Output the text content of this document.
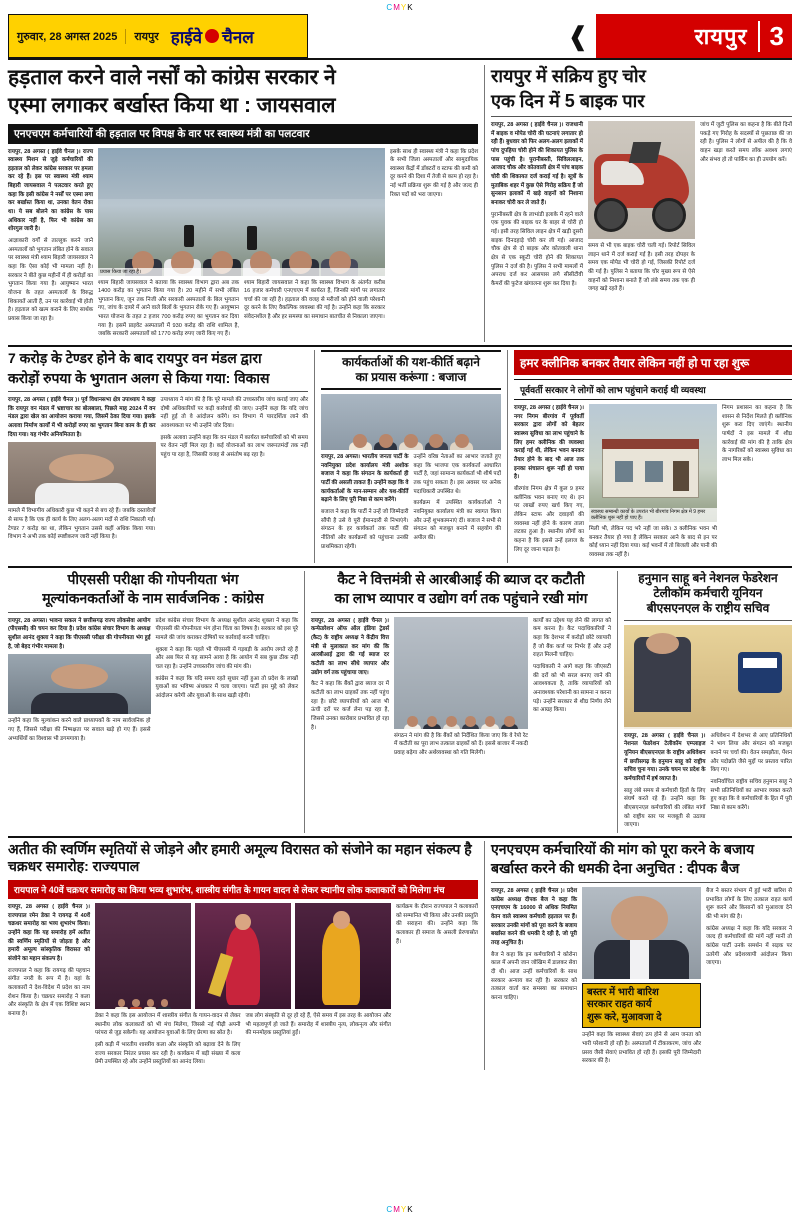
C M Y K
गुरुवार, 28 अगस्त 2025	रायपुर हाईवे चैनल	❰	रायपुर 3
हड़ताल करने वाले नर्सों को कांग्रेस सरकार ने
एस्मा लगाकर बर्खास्त किया था : जायसवाल
एनएचएम कर्मचारियों की हड़ताल पर विपक्ष के वार पर स्वास्थ्य मंत्री का पलटवार

रायपुर, 28 अगस्त ( हाईवे चैनल )। राज्य स्वास्थ्य मिशन से जुड़े कर्मचारियों की हड़ताल को लेकर कांग्रेस सरकार पर हमला कर रहे हैं। इस पर स्वास्थ्य मंत्री श्याम बिहारी जायसवाल ने पलटवार करते हुए कहा कि इसी कांग्रेस ने नर्सों पर एस्मा लगा कर बर्खास्त किया था, उनका वेतन रोका था। ये सब बोलने का कांग्रेस के पास अधिकार नहीं है, फिर भी कांग्रेस का शोरगुल जारी है।

आज्ञाकारी वर्गों से ताल्लुक करने जाने अस्पतालों को भुगतान लंबित होने के सवाल पर स्वास्थ्य मंत्री श्याम बिहारी जायसवाल ने कहा कि ऐसा कोई भी मामला नहीं है। सरकार ने बीते कुछ महीनों में ही करोड़ों का भुगतान किया गया है। आयुष्मान भारत योजना के तहत अस्पतालों के विरुद्ध शिकायतें आती हैं, उन पर कार्रवाई भी होती है। हड़ताल को खत्म कराने के लिए सार्थक प्रयास किया जा रहा है।

प्रयास किया जा रहा है।

श्याम बिहारी जायसवाल ने बताया कि स्वास्थ्य विभाग द्वारा अब तक 1400 करोड़ का भुगतान किया गया है। 20 महीने में सभी लंबित भुगतान किए, जून तक निजी और सरकारी अस्पतालों के बिल भुगतान गए, जांच के दायरे में आने वाले बिलों के भुगतान रोके गए हैं। आयुष्मान भारत योजना के तहत 2 हजार 700 करोड़ रुपए का भुगतान कर दिया गया है। इसमें प्राइवेट अस्पतालों में 930 करोड़ की राशि शामिल है, जबकि सरकारी अस्पतालों को 1770 करोड़ रुपए जारी किए गए हैं।

श्याम बिहारी जायसवाल ने कहा कि स्वास्थ्य विभाग के अंतर्गत करीब 16 हजार कर्मचारी एनएचएम में कार्यरत हैं, जिनकी मांगों पर लगातार चर्चा की जा रही है। हड़ताल की वजह से मरीजों को होने वाली परेशानी दूर करने के लिए वैकल्पिक व्यवस्था की गई है। उन्होंने कहा कि सरकार संवेदनशील है और हर समस्या का समाधान बातचीत से निकाला जाएगा।

इसके साथ ही स्वास्थ्य मंत्री ने कहा कि प्रदेश के सभी जिला अस्पतालों और सामुदायिक स्वास्थ्य केंद्रों में डॉक्टरों व स्टाफ की कमी को दूर करने की दिशा में तेजी से काम हो रहा है। नई भर्ती प्रक्रिया शुरू की गई है और जल्द ही रिक्त पदों को भरा जाएगा।

रायपुर में सक्रिय हुए चोर
एक दिन में 5 बाइक पार

रायपुर, 28 अगस्त ( हाईवे चैनल )। राजधानी में बाइक व मोपेड चोरी की घटनाएं लगातार हो रही हैं। बुधवार को फिर अलग-अलग इलाकों में पांच दुपहिया चोरी होने की शिकायत पुलिस के पास पहुंची है। पुरानीबस्ती, सिविललाइन, आजाद चौक और कोतवाली क्षेत्र में पांच बाइक चोरी की शिकायत दर्ज कराई गई है। सूत्रों के मुताबिक शहर में कुछ ऐसे गिरोह सक्रिय हैं जो सुनसान इलाकों में खड़े वाहनों को निशाना बनाकर चोरी कर ले जाते हैं।

पुरानीबस्ती क्षेत्र के लाभांडी इलाके में रहने वाले एक युवक की बाइक घर के बाहर से चोरी हो गई। इसी तरह सिविल लाइन क्षेत्र में खड़ी दूसरी बाइक दिनदहाड़े चोरी कर ली गई। आजाद चौक क्षेत्र से दो बाइक और कोतवाली थाना क्षेत्र से एक स्कूटी चोरी होने की शिकायत पुलिस ने दर्ज की है। पुलिस ने सभी मामलों में अपराध दर्ज कर आसपास लगे सीसीटीवी कैमरों की फुटेज खंगालना शुरू कर दिया है।

समय से भी एक बाइक चोरी चली गई। रिपोर्ट सिविल लाइन थाने में दर्ज कराई गई है। इसी तरह दोपहर के समय एक मोपेड भी चोरी हो गई, जिसकी रिपोर्ट दर्ज की गई है। पुलिस ने बताया कि चोर मुख्य रूप से ऐसे वाहनों को निशाना बनाते हैं जो लंबे समय तक एक ही जगह खड़े रहते हैं।

जांच में जुटी पुलिस का कहना है कि बीते दिनों पकड़े गए गिरोह के सदस्यों से पूछताछ की जा रही है। पुलिस ने लोगों से अपील की है कि वे वाहन खड़ा करते समय लॉक अवश्य लगाएं और संभव हो तो पार्किंग का ही उपयोग करें।

7 करोड़ के टेण्डर होने के बाद रायपुर वन मंडल द्वारा
करोड़ों रुपया के भुगतान अलग से किया गया: विकास

रायपुर, 28 अगस्त ( हाईवे चैनल )। पूर्व विधानसभा क्षेत्र उपाध्याय ने कहा कि रायपुर वन मंडल में भ्रष्टाचार का बोलबाला, पिछले माह 2024 में वन मंडल द्वारा खेल का आयोजन कराया गया, जिसमें ठेका दिया गया। इसके अलावा निर्माण कार्यों में भी करोड़ों रुपए का भुगतान बिना काम के ही कर दिया गया। यह गंभीर अनियमितता है।

मामले में विभागीय अधिकारी कुछ भी कहने से बच रहे हैं। जबकि दस्तावेजों से साफ है कि एक ही कार्य के लिए अलग-अलग मदों से राशि निकाली गई। टेण्डर 7 करोड़ का था, लेकिन भुगतान उससे कहीं अधिक किया गया। विभाग ने अभी तक कोई स्पष्टीकरण जारी नहीं किया है।

उपाध्याय ने मांग की है कि पूरे मामले की उच्चस्तरीय जांच कराई जाए और दोषी अधिकारियों पर कड़ी कार्रवाई की जाए। उन्होंने कहा कि यदि जांच नहीं हुई तो वे आंदोलन करेंगे। वन विभाग में पारदर्शिता लाने की आवश्यकता पर भी उन्होंने जोर दिया।

इसके अलावा उन्होंने कहा कि वन मंडल में कार्यरत कर्मचारियों को भी समय पर वेतन नहीं मिल रहा है। कई योजनाओं का लाभ जरूरतमंदों तक नहीं पहुंच पा रहा है, जिसकी वजह से असंतोष बढ़ रहा है।

कार्यकर्ताओं की यश-कीर्ति बढ़ाने
का प्रयास करूंगा : बजाज

रायपुर, 28 अगस्त। भारतीय जनता पार्टी के नवनियुक्त प्रदेश कार्यालय मंत्री अशोक बजाज ने कहा कि संगठन के कार्यकर्ता ही पार्टी की असली ताकत हैं। उन्होंने कहा कि वे कार्यकर्ताओं के मान-सम्मान और यश-कीर्ति बढ़ाने के लिए पूरी निष्ठा से काम करेंगे।

बजाज ने कहा कि पार्टी ने उन्हें जो जिम्मेदारी सौंपी है उसे वे पूरी ईमानदारी से निभाएंगे। संगठन के हर कार्यकर्ता तक पार्टी की नीतियों और कार्यक्रमों को पहुंचाना उनकी प्राथमिकता रहेगी।

उन्होंने वरिष्ठ नेताओं का आभार जताते हुए कहा कि भाजपा एक कार्यकर्ता आधारित पार्टी है, जहां सामान्य कार्यकर्ता भी शीर्ष पदों तक पहुंच सकता है। इस अवसर पर अनेक पदाधिकारी उपस्थित थे।

कार्यक्रम में उपस्थित कार्यकर्ताओं ने नवनियुक्त कार्यालय मंत्री का स्वागत किया और उन्हें शुभकामनाएं दीं। बजाज ने सभी से संगठन को मजबूत बनाने में सहयोग की अपील की।

हमर क्लीनिक बनकर तैयार लेकिन नहीं हो पा रहा शुरू
पूर्ववर्ती सरकार ने लोगों को लाभ पहुंचाने कराई थी व्यवस्था

रायपुर, 28 अगस्त ( हाईवे चैनल )। नगर निगम बीरगांव में पूर्ववर्ती सरकार द्वारा लोगों को बेहतर स्वास्थ्य सुविधा का लाभ पहुंचाने के लिए हमर क्लीनिक की व्यवस्था कराई गई थी, लेकिन भवन बनकर तैयार होने के बाद भी आज तक इनका संचालन शुरू नहीं हो पाया है।

बीरगांव निगम क्षेत्र में कुल 9 हमर क्लीनिक भवन बनाए गए थे। इन पर लाखों रुपए खर्च किए गए, लेकिन स्टाफ और दवाइयों की व्यवस्था नहीं होने के कारण ताला लटका हुआ है। स्थानीय लोगों का कहना है कि इससे उन्हें इलाज के लिए दूर जाना पड़ता है।

स्वास्थ्य सम्बन्धी कार्यों के उपरांत भी बीरगांव निगम क्षेत्र में 9 हमर क्लीनिक शुरू नहीं हो पाए हैं।

मिली भी, लेकिन पद भरे नहीं जा सके। 3 क्लीनिक भवन भी बनकर तैयार हो गया है लेकिन सरकार आने के बाद से इन पर कोई ध्यान नहीं दिया गया। कई भवनों में तो बिजली और पानी की व्यवस्था तक नहीं है।

निगम प्रशासन का कहना है कि शासन से निर्देश मिलते ही क्लीनिक शुरू करा दिए जाएंगे। स्थानीय पार्षदों ने इस मामले में शीघ्र कार्रवाई की मांग की है ताकि क्षेत्र के नागरिकों को स्वास्थ्य सुविधा का लाभ मिल सके।

पीएससी परीक्षा की गोपनीयता भंग
मूल्यांकनकर्ताओं के नाम सार्वजनिक : कांग्रेस

रायपुर, 28 अगस्त। भावना सकल ने छत्तीसगढ़ राज्य लोकसेवा आयोग (पीएससी) की चयन कर दिया है। प्रदेश कांग्रेस संचार विभाग के अध्यक्ष सुशील आनंद शुक्ला ने कहा कि पीएससी परीक्षा की गोपनीयता भंग हुई है, जो बेहद गंभीर मामला है।

उन्होंने कहा कि मूल्यांकन करने वाले प्राध्यापकों के नाम सार्वजनिक हो गए हैं, जिससे परीक्षा की निष्पक्षता पर सवाल खड़े हो गए हैं। इससे अभ्यर्थियों का विश्वास भी डगमगाया है।

प्रदेश कांग्रेस संचार विभाग के अध्यक्ष सुशील आनंद शुक्ला ने कहा कि पीएससी की गोपनीयता भंग होना चिंता का विषय है। सरकार को इस पूरे मामले की जांच कराकर दोषियों पर कार्रवाई करनी चाहिए।

शुक्ला ने कहा कि पहले भी पीएससी में गड़बड़ी के आरोप लगते रहे हैं और अब फिर से यह सामने आया है कि आयोग में सब कुछ ठीक नहीं चल रहा है। उन्होंने उच्चस्तरीय जांच की मांग की।

कांग्रेस ने कहा कि यदि समय रहते सुधार नहीं हुआ तो प्रदेश के लाखों युवाओं का भविष्य अंधकार में चला जाएगा। पार्टी इस मुद्दे को लेकर आंदोलन करेगी और युवाओं के साथ खड़ी रहेगी।

कैट ने वित्तमंत्री से आरबीआई की ब्याज दर कटौती
का लाभ व्यापार व उद्योग वर्ग तक पहुंचाने रखी मांग

रायपुर, 28 अगस्त ( हाईवे चैनल )। कन्फेडरेशन ऑफ ऑल इंडिया ट्रेडर्स (कैट) के राष्ट्रीय अध्यक्ष ने केंद्रीय वित्त मंत्री से मुलाकात कर मांग की कि आरबीआई द्वारा की गई ब्याज दर कटौती का लाभ सीधे व्यापार और उद्योग वर्ग तक पहुंचाया जाए।

कैट ने कहा कि बैंकों द्वारा ब्याज दर में कटौती का लाभ ग्राहकों तक नहीं पहुंच रहा है। छोटे व्यापारियों को आज भी ऊंची दरों पर कर्ज लेना पड़ रहा है, जिससे उनका कारोबार प्रभावित हो रहा है।

संगठन ने मांग की है कि बैंकों को निर्देशित किया जाए कि वे रेपो रेट में कटौती का पूरा लाभ तत्काल ग्राहकों को दें। इससे बाजार में नकदी प्रवाह बढ़ेगा और अर्थव्यवस्था को गति मिलेगी।

कार्यों का उद्देश्य यह लेने की लागत को कम करना है। कैट पदाधिकारियों ने कहा कि देशभर में करोड़ों छोटे व्यापारी हैं जो बैंक कर्ज पर निर्भर हैं और उन्हें राहत मिलनी चाहिए।

पदाधिकारी ने आगे कहा कि जीएसटी की दरों को भी सरल बनाए जाने की आवश्यकता है, ताकि व्यापारियों को अनावश्यक परेशानी का सामना न करना पड़े। उन्होंने सरकार से शीघ्र निर्णय लेने का आग्रह किया।

हनुमान साहू बने नेशनल फेडरेशन
टेलीकॉम कर्मचारी यूनियन
बीएसएनएल के राष्ट्रीय सचिव

रायपुर, 28 अगस्त ( हाईवे चैनल )। नेशनल फेडरेशन टेलीकॉम एम्प्लाइज यूनियन बीएसएनएल के राष्ट्रीय अधिवेशन में छत्तीसगढ़ के हनुमान साहू को राष्ट्रीय सचिव चुना गया। उनके चयन पर प्रदेश के कर्मचारियों में हर्ष व्याप्त है।

साहू लंबे समय से कर्मचारी हितों के लिए संघर्ष करते रहे हैं। उन्होंने कहा कि बीएसएनएल कर्मचारियों की लंबित मांगों को राष्ट्रीय स्तर पर मजबूती से उठाया जाएगा।

अधिवेशन में देशभर से आए प्रतिनिधियों ने भाग लिया और संगठन को मजबूत बनाने पर चर्चा की। वेतन समझौता, पेंशन और पदोन्नति जैसे मुद्दों पर प्रस्ताव पारित किए गए।

नवनिर्वाचित राष्ट्रीय सचिव हनुमान साहू ने सभी प्रतिनिधियों का आभार व्यक्त करते हुए कहा कि वे कर्मचारियों के हित में पूरी निष्ठा से काम करेंगे।

अतीत की स्वर्णिम स्मृतियों से जोड़ने और हमारी अमूल्य विरासत को संजोने का महान संकल्प है चक्रधर समारोह: राज्यपाल
रायपाल ने 40वें चक्रधर समारोह का किया भव्य शुभारंभ, शास्त्रीय संगीत के गायन वादन से लेकर स्थानीय लोक कलाकारों को मिलेगा मंच

रायपुर, 28 अगस्त ( हाईवे चैनल )। राज्यपाल रमेन डेका ने रायगढ़ में 40वें चक्रधर समारोह का भव्य शुभारंभ किया। उन्होंने कहा कि यह समारोह हमें अतीत की स्वर्णिम स्मृतियों से जोड़ता है और हमारी अमूल्य सांस्कृतिक विरासत को संजोने का महान संकल्प है।

राज्यपाल ने कहा कि रायगढ़ की पहचान संगीत नगरी के रूप में है। यहां के कलाकारों ने देश-विदेश में प्रदेश का नाम रोशन किया है। चक्रधर समारोह ने कला और संस्कृति के क्षेत्र में एक विशिष्ट स्थान बनाया है।	डेका ने कहा कि इस आयोजन में शास्त्रीय संगीत के गायन-वादन से लेकर स्थानीय लोक कलाकारों को भी मंच मिलेगा, जिससे नई पीढ़ी अपनी परंपरा से जुड़ सकेगी। यह आयोजन युवाओं के लिए प्रेरणा का स्रोत है।

इसी कड़ी में भारतीय शास्त्रीय कला और संस्कृति को बढ़ावा देने के लिए राज्य सरकार निरंतर प्रयास कर रही है। कार्यक्रम में बड़ी संख्या में कला प्रेमी उपस्थित रहे और उन्होंने प्रस्तुतियों का आनंद लिया।

जब लोग संस्कृति से दूर हो रहे हैं, ऐसे समय में इस तरह के आयोजन और भी महत्वपूर्ण हो जाते हैं। समारोह में शास्त्रीय नृत्य, लोकनृत्य और संगीत की मनमोहक प्रस्तुतियां हुईं।

कार्यक्रम के दौरान राज्यपाल ने कलाकारों को सम्मानित भी किया और उनकी प्रस्तुति की सराहना की। उन्होंने कहा कि कलाकार ही समाज के असली प्रेरणास्रोत हैं।

एनएचएम कर्मचारियों की मांग को पूरा करने के बजाय
बर्खास्त करने की धमकी देना अनुचित : दीपक बैज

रायपुर, 28 अगस्त ( हाईवे चैनल )। प्रदेश कांग्रेस अध्यक्ष दीपक बैज ने कहा कि एनएचएम के 16000 से अधिक नियमित वेतन वाले स्वास्थ्य कर्मचारी हड़ताल पर हैं। सरकार उनकी मांगों को पूरा करने के बजाय बर्खास्त करने की धमकी दे रही है, जो पूरी तरह अनुचित है।

बैज ने कहा कि इन कर्मचारियों ने कोरोना काल में अपनी जान जोखिम में डालकर सेवा दी थी। आज उन्हीं कर्मचारियों के साथ सरकार अन्याय कर रही है। सरकार को तत्काल वार्ता कर समस्या का समाधान करना चाहिए।	बस्तर में भारी बारिश
सरकार राहत कार्य
शुरू करे, मुआवजा दे

उन्होंने कहा कि स्वास्थ्य सेवाएं ठप होने से आम जनता को भारी परेशानी हो रही है। अस्पतालों में टीकाकरण, जांच और प्रसव जैसी सेवाएं प्रभावित हो रही हैं। इसकी पूरी जिम्मेदारी सरकार की है।

बैज ने बस्तर संभाग में हुई भारी बारिश से प्रभावित लोगों के लिए तत्काल राहत कार्य शुरू करने और किसानों को मुआवजा देने की भी मांग की है।

कांग्रेस अध्यक्ष ने कहा कि यदि सरकार ने जल्द ही कर्मचारियों की मांगें नहीं मानीं तो कांग्रेस पार्टी उनके समर्थन में सड़क पर उतरेगी और प्रदेशव्यापी आंदोलन किया जाएगा।

C M Y K
